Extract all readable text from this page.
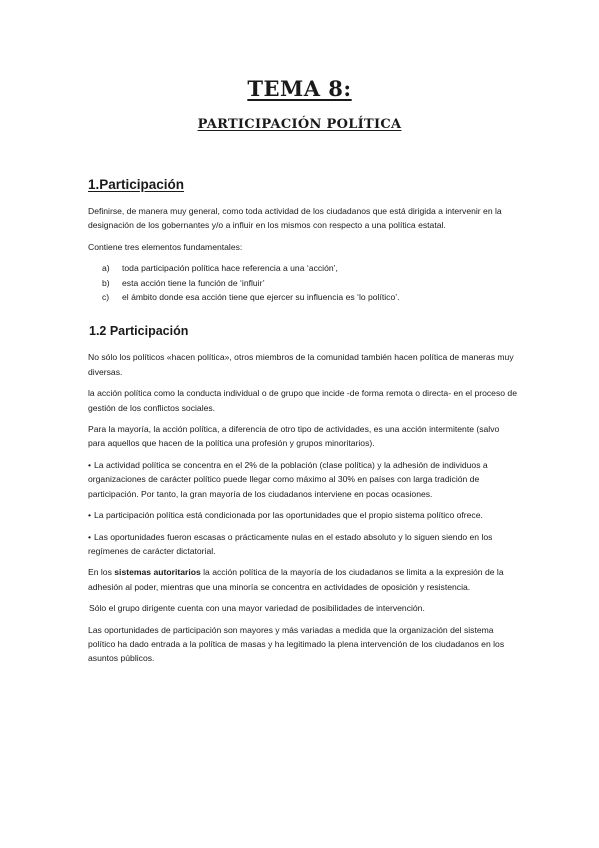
TEMA 8:
PARTICIPACIÓN POLÍTICA
1.Participación

Definirse, de manera muy general, como toda actividad de los ciudadanos que está dirigida a intervenir en la designación de los gobernantes y/o a influir en los mismos con respecto a una política estatal.

Contiene tres elementos fundamentales:

a)	toda participación política hace referencia a una ‘acción’,
b)	esta acción tiene la función de ‘influir’
c)	el ámbito donde esa acción tiene que ejercer su influencia es ‘lo político’.
1.2 Participación

No sólo los políticos «hacen política», otros miembros de la comunidad también hacen política de maneras muy diversas.

la acción política como la conducta individual o de grupo que incide -de forma remota o directa- en el proceso de gestión de los conflictos sociales.

Para la mayoría, la acción política, a diferencia de otro tipo de actividades, es una acción intermitente (salvo para aquellos que hacen de la política una profesión y grupos minoritarios).

• La actividad política se concentra en el 2% de la población (clase política) y la adhesión de individuos a organizaciones de carácter político puede llegar como máximo al 30% en países con larga tradición de participación. Por tanto, la gran mayoría de los ciudadanos interviene en pocas ocasiones.

• La participación política está condicionada por las oportunidades que el propio sistema político ofrece.

• Las oportunidades fueron escasas o prácticamente nulas en el estado absoluto y lo siguen siendo en los regímenes de carácter dictatorial.

En los sistemas autoritarios la acción política de la mayoría de los ciudadanos se limita a la expresión de la adhesión al poder, mientras que una minoría se concentra en actividades de oposición y resistencia.

Sólo el grupo dirigente cuenta con una mayor variedad de posibilidades de intervención.

Las oportunidades de participación son mayores y más variadas a medida que la organización del sistema político ha dado entrada a la política de masas y ha legitimado la plena intervención de los ciudadanos en los asuntos públicos.
